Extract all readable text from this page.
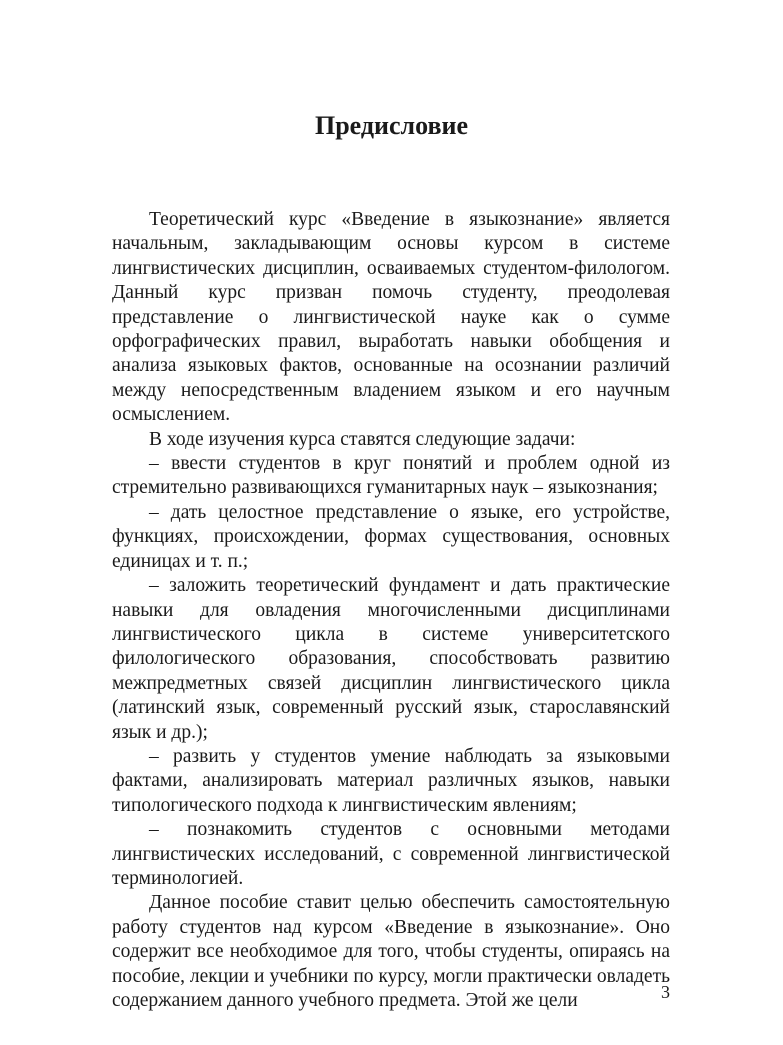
Предисловие

Теоретический курс «Введение в языкознание» является начальным, закладывающим основы курсом в системе лингвистических дисциплин, осваиваемых студентом-филологом. Данный курс призван помочь студенту, преодолевая представление о лингвистической науке как о сумме орфографических правил, выработать навыки обобщения и анализа языковых фактов, основанные на осознании различий между непосредственным владением языком и его научным осмыслением.

В ходе изучения курса ставятся следующие задачи:

– ввести студентов в круг понятий и проблем одной из стремительно развивающихся гуманитарных наук – языкознания;

– дать целостное представление о языке, его устройстве, функциях, происхождении, формах существования, основных единицах и т. п.;

– заложить теоретический фундамент и дать практические навыки для овладения многочисленными дисциплинами лингвистического цикла в системе университетского филологического образования, способствовать развитию межпредметных связей дисциплин лингвистического цикла (латинский язык, современный русский язык, старославянский язык и др.);

– развить у студентов умение наблюдать за языковыми фактами, анализировать материал различных языков, навыки типологического подхода к лингвистическим явлениям;

– познакомить студентов с основными методами лингвистических исследований, с современной лингвистической терминологией.

Данное пособие ставит целью обеспечить самостоятельную работу студентов над курсом «Введение в языкознание». Оно содержит все необходимое для того, чтобы студенты, опираясь на пособие, лекции и учебники по курсу, могли практически овладеть содержанием данного учебного предмета. Этой же цели	3
